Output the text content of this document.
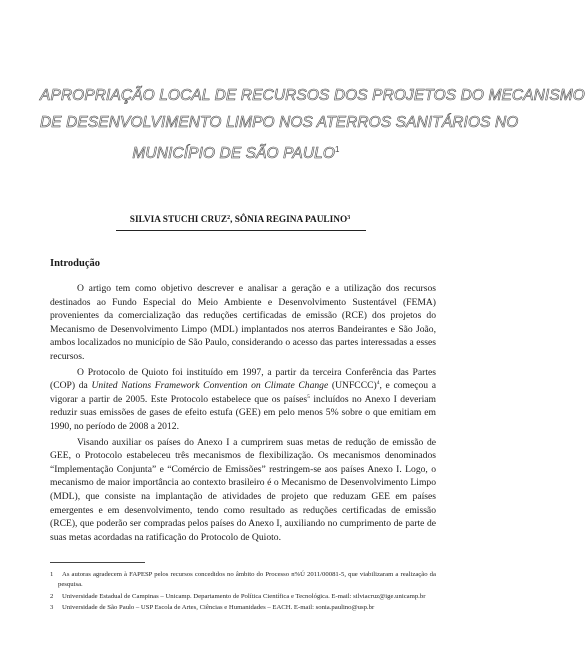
APROPRIAÇÃO LOCAL DE RECURSOS DOS PROJETOS DO MECANISMO
DE DESENVOLVIMENTO LIMPO NOS ATERROS SANITÁRIOS NO
MUNICÍPIO DE SÃO PAULO$^1$
SILVIA STUCHI CRUZ$^2$, SÔNIA REGINA PAULINO$^3$
Introdução

O artigo tem como objetivo descrever e analisar a geração e a utilização dos recursos destinados ao Fundo Especial do Meio Ambiente e Desenvolvimento Sustentável (FEMA) provenientes da comercialização das reduções certificadas de emissão (RCE) dos projetos do Mecanismo de Desenvolvimento Limpo (MDL) implantados nos aterros Bandeirantes e São João, ambos localizados no município de São Paulo, considerando o acesso das partes interessadas a esses recursos.

O Protocolo de Quioto foi instituído em 1997, a partir da terceira Conferência das Partes (COP) da United Nations Framework Convention on Climate Change (UNFCCC)$^4$, e começou a vigorar a partir de 2005. Este Protocolo estabelece que os países$^5$ incluídos no Anexo I deveriam reduzir suas emissões de gases de efeito estufa (GEE) em pelo menos 5% sobre o que emitiam em 1990, no período de 2008 a 2012.

Visando auxiliar os países do Anexo I a cumprirem suas metas de redução de emissão de GEE, o Protocolo estabeleceu três mecanismos de flexibilização. Os mecanismos denominados “Implementação Conjunta” e “Comércio de Emissões” restringem-se aos países Anexo I. Logo, o mecanismo de maior importância ao contexto brasileiro é o Mecanismo de Desenvolvimento Limpo (MDL), que consiste na implantação de atividades de projeto que reduzam GEE em países emergentes e em desenvolvimento, tendo como resultado as reduções certificadas de emissão (RCE), que poderão ser compradas pelos países do Anexo I, auxiliando no cumprimento de parte de suas metas acordadas na ratificação do Protocolo de Quioto.

1 As autoras agradecem à FAPESP pelos recursos concedidos no âmbito do Processo n%Ú 2011/00081-5, que viabilizaram a realização da pesquisa.
2 Universidade Estadual de Campinas – Unicamp. Departamento de Política Científica e Tecnológica. E-mail: silviacruz@ige.unicamp.br
3 Universidade de São Paulo – USP Escola de Artes, Ciências e Humanidades – EACH. E-mail: sonia.paulino@usp.br
